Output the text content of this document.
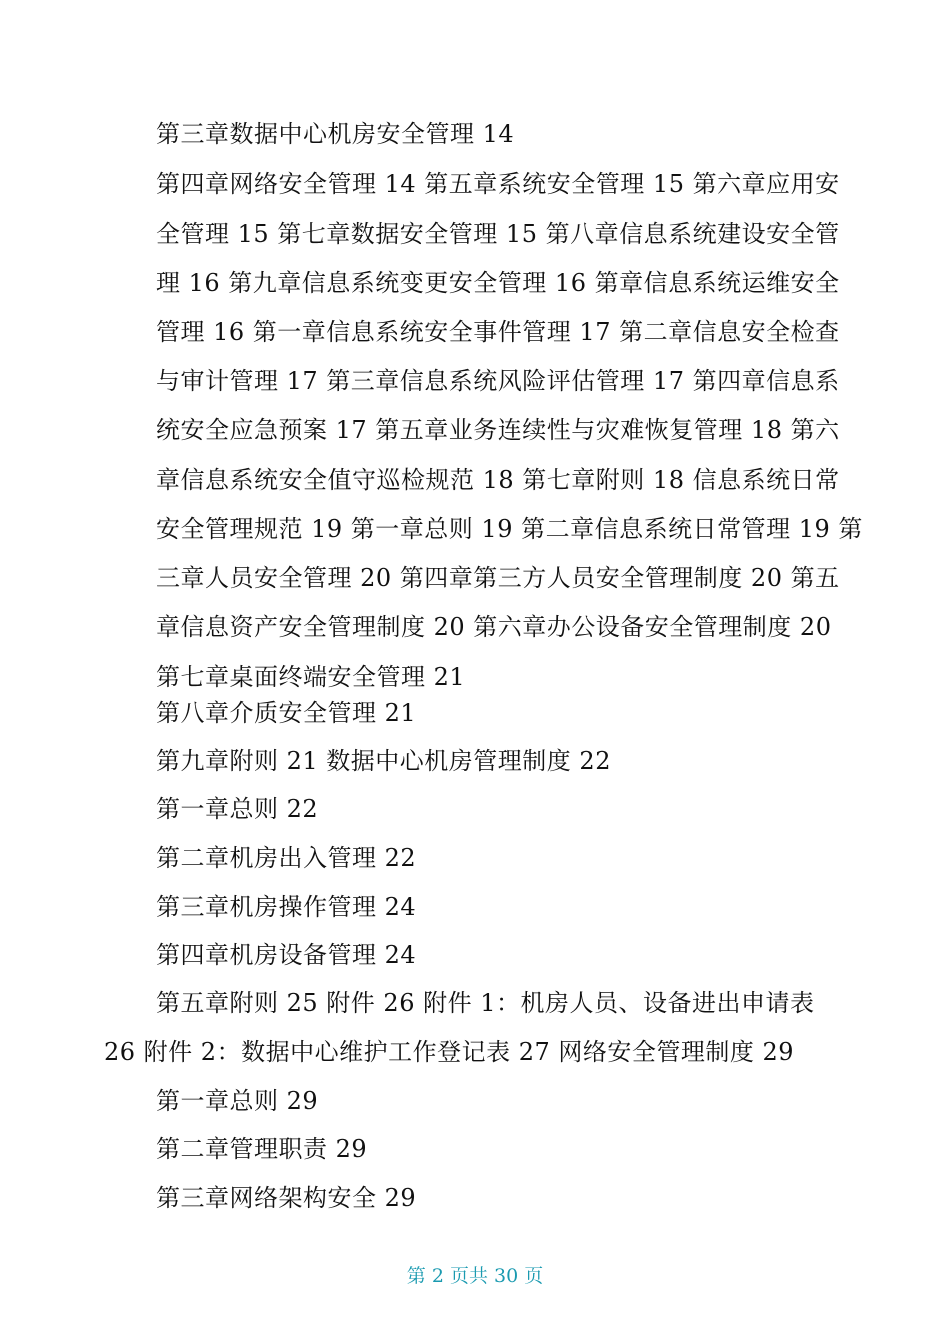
第三章数据中心机房安全管理 14
第四章网络安全管理 14 第五章系统安全管理 15 第六章应用安
全管理 15 第七章数据安全管理 15 第八章信息系统建设安全管
理 16 第九章信息系统变更安全管理 16 第章信息系统运维安全
管理 16 第一章信息系统安全事件管理 17 第二章信息安全检查
与审计管理 17 第三章信息系统风险评估管理 17 第四章信息系
统安全应急预案 17 第五章业务连续性与灾难恢复管理 18 第六
章信息系统安全值守巡检规范 18 第七章附则 18 信息系统日常
安全管理规范 19 第一章总则 19 第二章信息系统日常管理 19 第
三章人员安全管理 20 第四章第三方人员安全管理制度 20 第五
章信息资产安全管理制度 20 第六章办公设备安全管理制度 20
第七章桌面终端安全管理 21
第八章介质安全管理 21
第九章附则 21 数据中心机房管理制度 22
第一章总则 22
第二章机房出入管理 22
第三章机房操作管理 24
第四章机房设备管理 24
第五章附则 25 附件 26 附件 1：机房人员、设备进出申请表
26 附件 2：数据中心维护工作登记表 27 网络安全管理制度 29
第一章总则 29
第二章管理职责 29
第三章网络架构安全 29
第 2 页共 30 页
